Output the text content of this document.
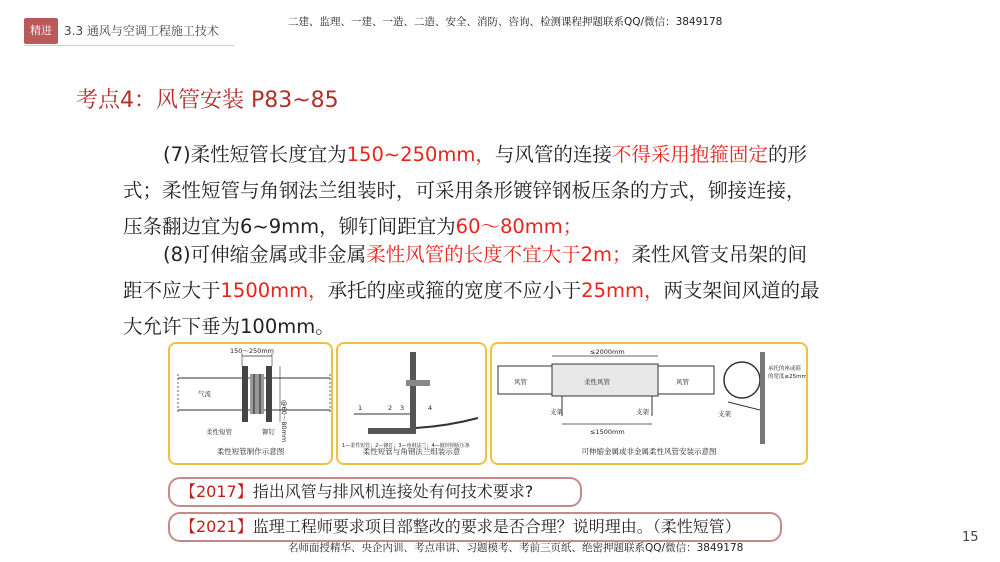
精进	3.3 通风与空调工程施工技术
二建、监理、一建、一造、二造、安全、消防、咨询、检测课程押题联系QQ/微信：3849178
考点4：风管安装 P83~85
(7)柔性短管长度宜为150~250mm，与风管的连接不得采用抱箍固定的形式；柔性短管与角钢法兰组装时，可采用条形镀锌钢板压条的方式，铆接连接，压条翻边宜为6~9mm，铆钉间距宜为60～80mm；
(8)可伸缩金属或非金属柔性风管的长度不宜大于2m；柔性风管支吊架的间距不应大于1500mm，承托的座或箍的宽度不应小于25mm，两支架间风道的最大允许下垂为100mm。
150～250mm
气流
@60～80mm
柔性短管	铆钉
柔性短管制作示意图
1	2 3	4
1—柔性短管；2—铆钉；3—角钢法兰；4—镀锌钢板压条
柔性短管与角钢法兰组装示意
≤2000mm
风管	柔性风管	风管
支架	支架
≤1500mm
承托的座或箍
的宽度≥25mm
支架
可伸缩金属或非金属柔性风管安装示意图
【2017】指出风管与排风机连接处有何技术要求?
【2021】监理工程师要求项目部整改的要求是否合理？说明理由。（柔性短管）
名师面授精华、央企内训、考点串讲、习题模考、考前三页纸、绝密押题联系QQ/微信：3849178
15
